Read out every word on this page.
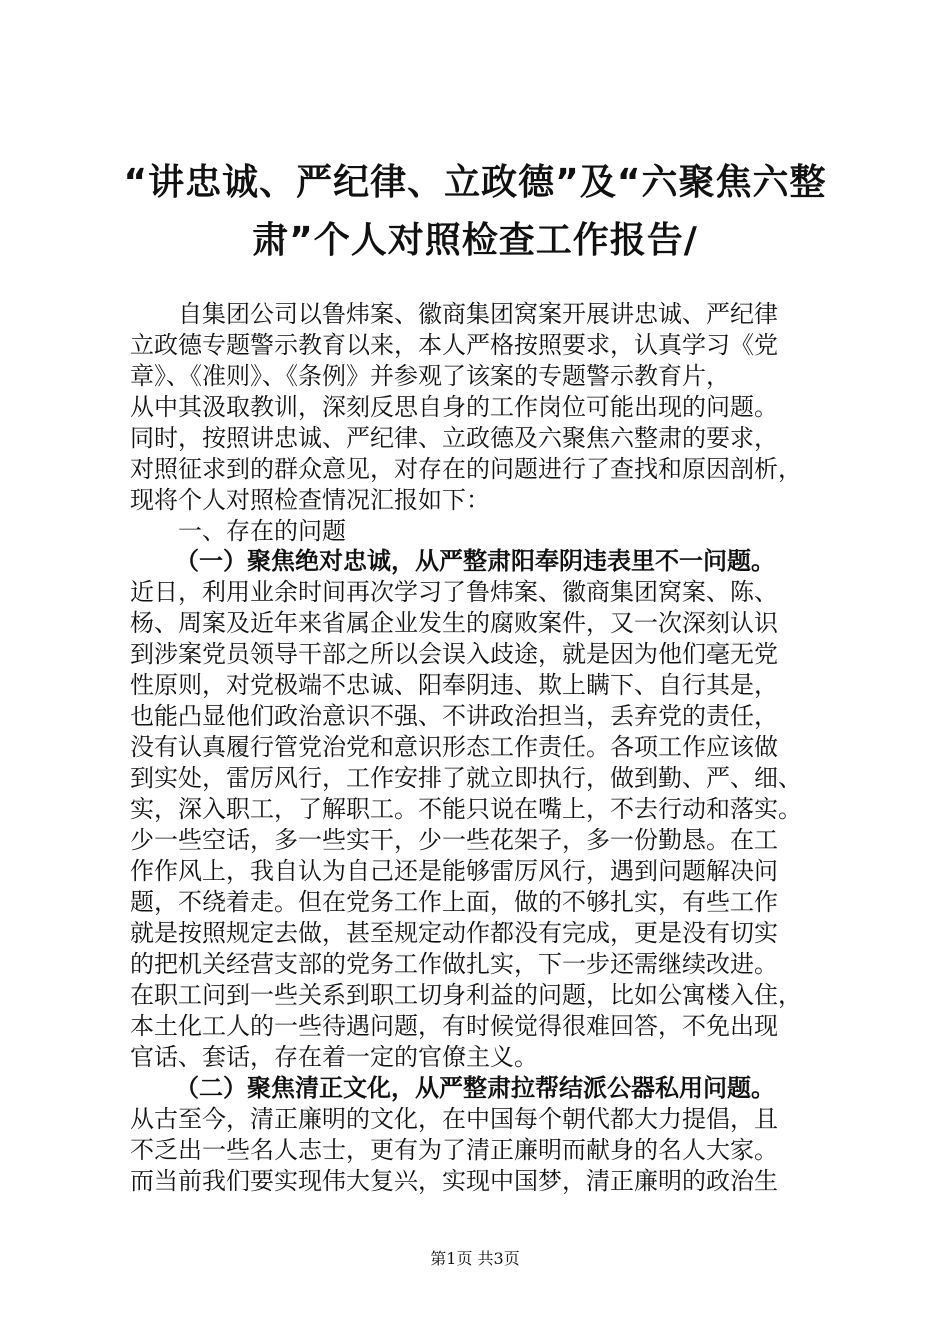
“讲忠诚、严纪律、立政德”及“六聚焦六整
肃”个人对照检查工作报告/
自集团公司以鲁炜案、徽商集团窝案开展讲忠诚、严纪律
立政德专题警示教育以来，本人严格按照要求，认真学习《党
章》、《准则》、《条例》并参观了该案的专题警示教育片，
从中其汲取教训，深刻反思自身的工作岗位可能出现的问题。
同时，按照讲忠诚、严纪律、立政德及六聚焦六整肃的要求，
对照征求到的群众意见，对存在的问题进行了查找和原因剖析，
现将个人对照检查情况汇报如下：
一、存在的问题
（一）聚焦绝对忠诚，从严整肃阳奉阴违表里不一问题。
近日，利用业余时间再次学习了鲁炜案、徽商集团窝案、陈、
杨、周案及近年来省属企业发生的腐败案件，又一次深刻认识
到涉案党员领导干部之所以会误入歧途，就是因为他们毫无党
性原则，对党极端不忠诚、阳奉阴违、欺上瞒下、自行其是，
也能凸显他们政治意识不强、不讲政治担当，丢弃党的责任，
没有认真履行管党治党和意识形态工作责任。各项工作应该做
到实处，雷厉风行，工作安排了就立即执行，做到勤、严、细、
实，深入职工，了解职工。不能只说在嘴上，不去行动和落实。
少一些空话，多一些实干，少一些花架子，多一份勤恳。在工
作作风上，我自认为自己还是能够雷厉风行，遇到问题解决问
题，不绕着走。但在党务工作上面，做的不够扎实，有些工作
就是按照规定去做，甚至规定动作都没有完成，更是没有切实
的把机关经营支部的党务工作做扎实，下一步还需继续改进。
在职工问到一些关系到职工切身利益的问题，比如公寓楼入住，
本土化工人的一些待遇问题，有时候觉得很难回答，不免出现
官话、套话，存在着一定的官僚主义。
（二）聚焦清正文化，从严整肃拉帮结派公器私用问题。
从古至今，清正廉明的文化，在中国每个朝代都大力提倡，且
不乏出一些名人志士，更有为了清正廉明而献身的名人大家。
而当前我们要实现伟大复兴，实现中国梦，清正廉明的政治生
第1页 共3页
